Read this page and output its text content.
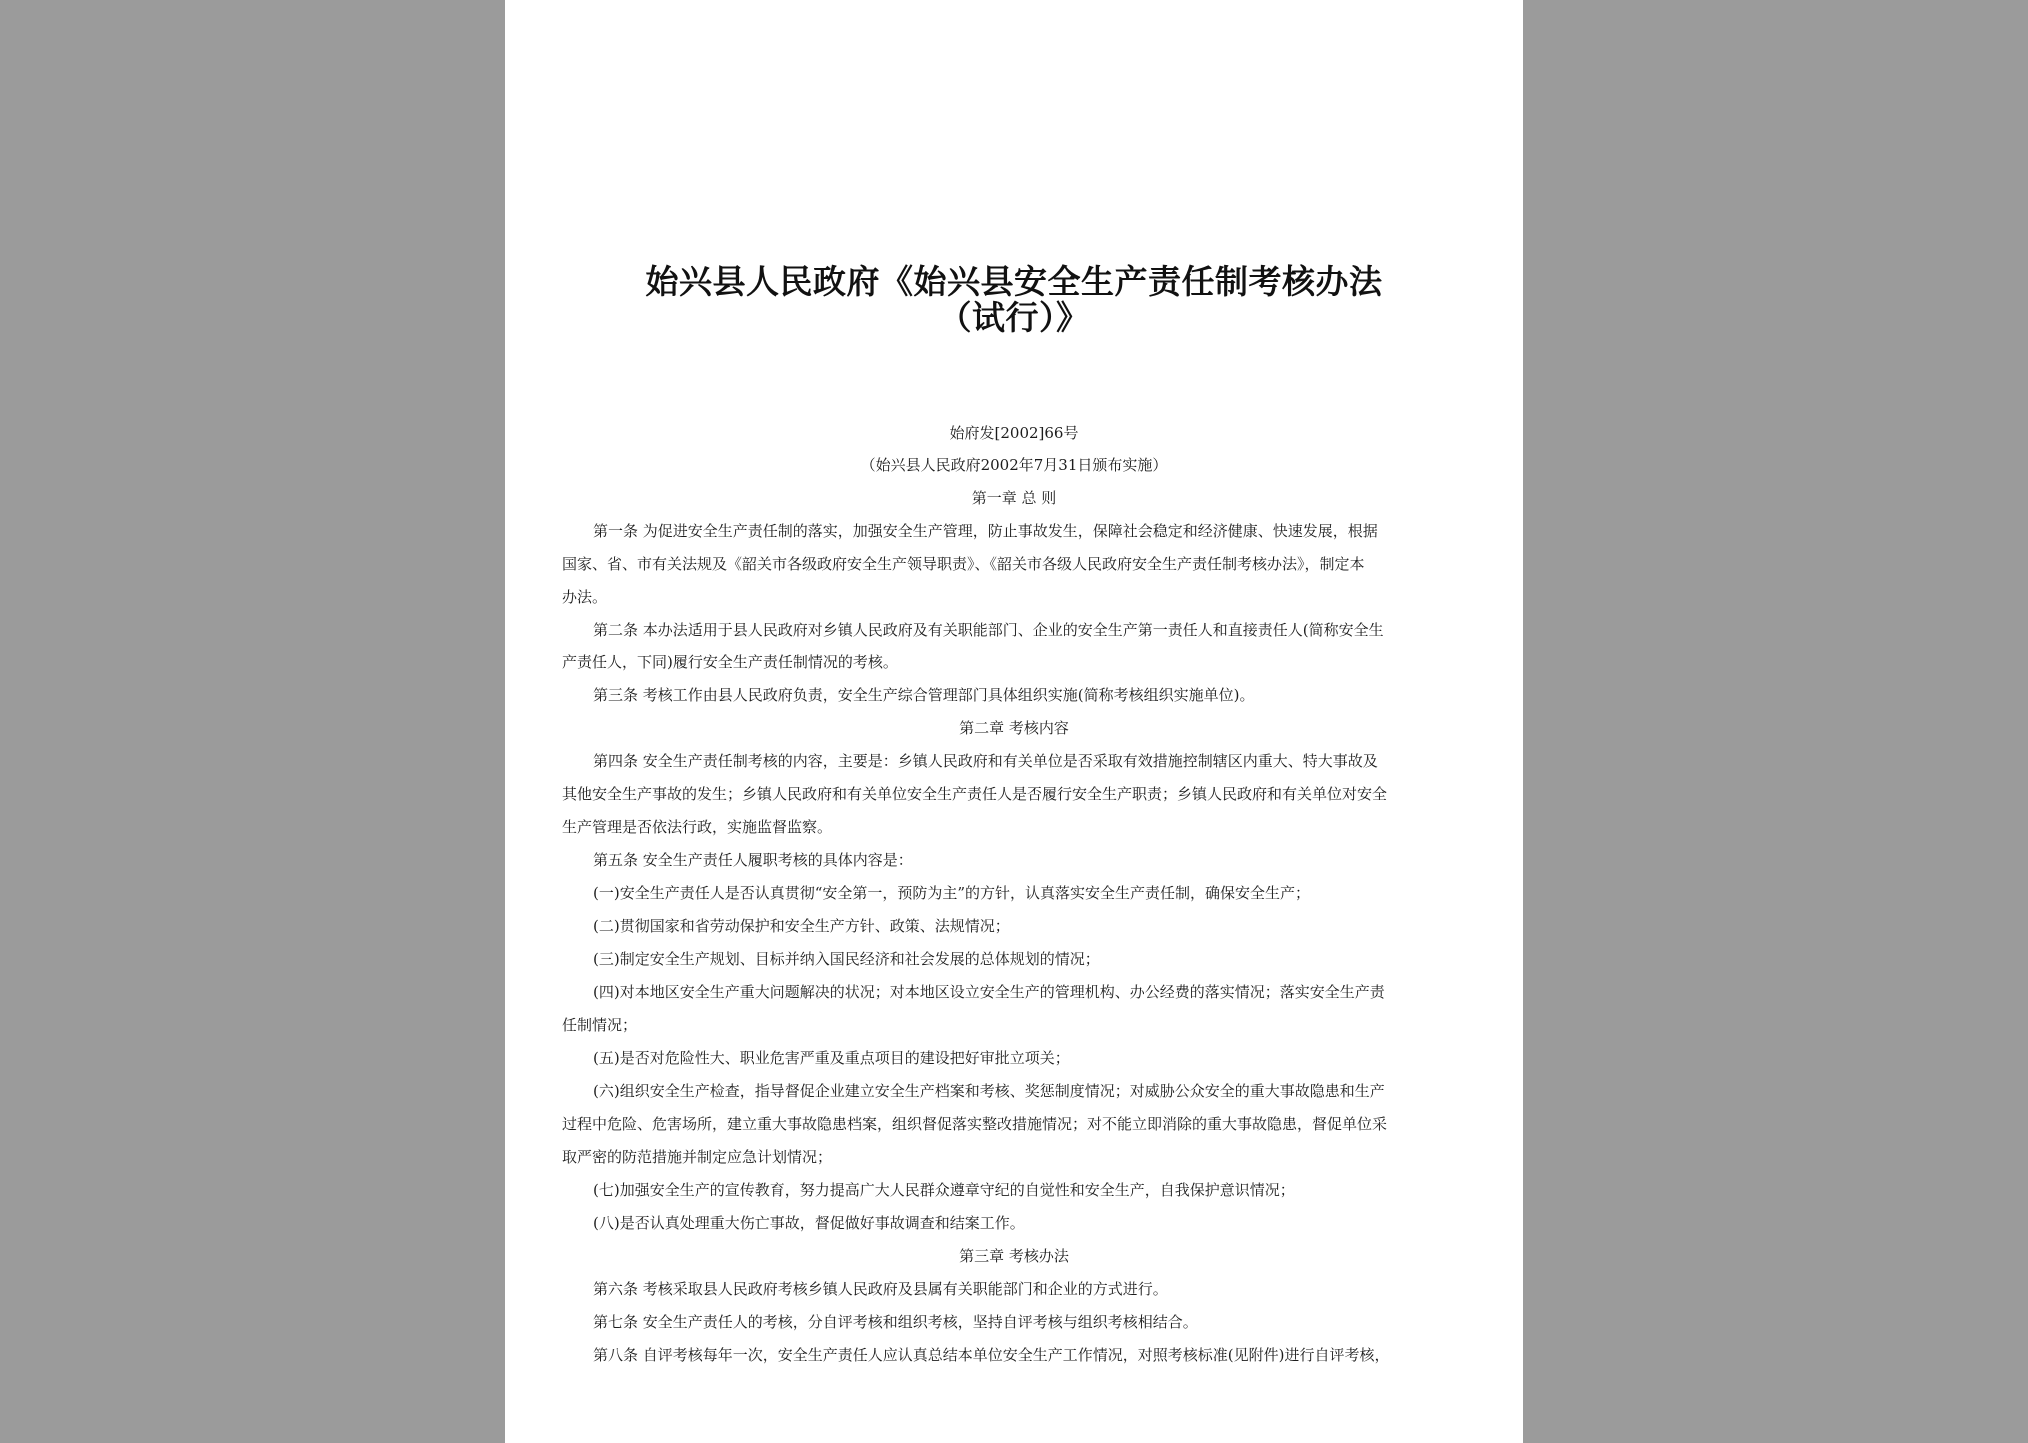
始兴县人民政府《始兴县安全生产责任制考核办法
（试行）》
始府发[2002]66号
（始兴县人民政府2002年7月31日颁布实施）
第一章 总 则
第一条 为促进安全生产责任制的落实，加强安全生产管理，防止事故发生，保障社会稳定和经济健康、快速发展，根据
国家、省、市有关法规及《韶关市各级政府安全生产领导职责》、《韶关市各级人民政府安全生产责任制考核办法》，制定本
办法。
第二条 本办法适用于县人民政府对乡镇人民政府及有关职能部门、企业的安全生产第一责任人和直接责任人(简称安全生
产责任人，下同)履行安全生产责任制情况的考核。
第三条 考核工作由县人民政府负责，安全生产综合管理部门具体组织实施(简称考核组织实施单位)。
第二章 考核内容
第四条 安全生产责任制考核的内容，主要是：乡镇人民政府和有关单位是否采取有效措施控制辖区内重大、特大事故及
其他安全生产事故的发生；乡镇人民政府和有关单位安全生产责任人是否履行安全生产职责；乡镇人民政府和有关单位对安全
生产管理是否依法行政，实施监督监察。
第五条 安全生产责任人履职考核的具体内容是：
(一)安全生产责任人是否认真贯彻“安全第一，预防为主”的方针，认真落实安全生产责任制，确保安全生产；
(二)贯彻国家和省劳动保护和安全生产方针、政策、法规情况；
(三)制定安全生产规划、目标并纳入国民经济和社会发展的总体规划的情况；
(四)对本地区安全生产重大问题解决的状况；对本地区设立安全生产的管理机构、办公经费的落实情况；落实安全生产责
任制情况；
(五)是否对危险性大、职业危害严重及重点项目的建设把好审批立项关；
(六)组织安全生产检查，指导督促企业建立安全生产档案和考核、奖惩制度情况；对威胁公众安全的重大事故隐患和生产
过程中危险、危害场所，建立重大事故隐患档案，组织督促落实整改措施情况；对不能立即消除的重大事故隐患，督促单位采
取严密的防范措施并制定应急计划情况；
(七)加强安全生产的宣传教育，努力提高广大人民群众遵章守纪的自觉性和安全生产，自我保护意识情况；
(八)是否认真处理重大伤亡事故，督促做好事故调查和结案工作。
第三章 考核办法
第六条 考核采取县人民政府考核乡镇人民政府及县属有关职能部门和企业的方式进行。
第七条 安全生产责任人的考核，分自评考核和组织考核，坚持自评考核与组织考核相结合。
第八条 自评考核每年一次，安全生产责任人应认真总结本单位安全生产工作情况，对照考核标准(见附件)进行自评考核，
